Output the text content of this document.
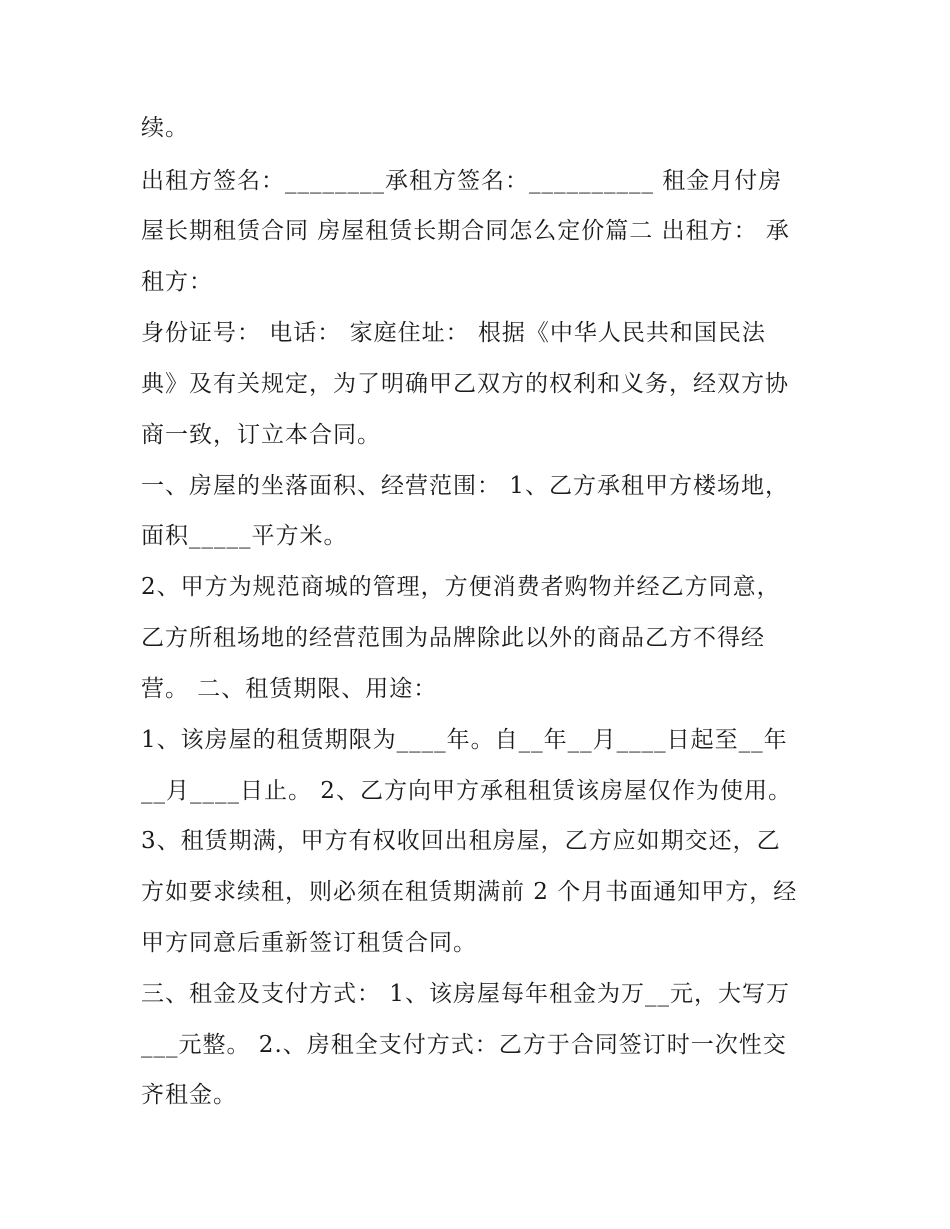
续。
出租方签名：________承租方签名：__________ 租金月付房
屋长期租赁合同 房屋租赁长期合同怎么定价篇二 出租方： 承
租方：
身份证号： 电话： 家庭住址： 根据《中华人民共和国民法
典》及有关规定，为了明确甲乙双方的权利和义务，经双方协
商一致，订立本合同。
一、房屋的坐落面积、经营范围： 1、乙方承租甲方楼场地，
面积_____平方米。
2、甲方为规范商城的管理，方便消费者购物并经乙方同意，
乙方所租场地的经营范围为品牌除此以外的商品乙方不得经
营。 二、租赁期限、用途：
1、该房屋的租赁期限为____年。自__年__月____日起至__年
__月____日止。 2、乙方向甲方承租租赁该房屋仅作为使用。
3、租赁期满，甲方有权收回出租房屋，乙方应如期交还，乙
方如要求续租，则必须在租赁期满前 2 个月书面通知甲方，经
甲方同意后重新签订租赁合同。
三、租金及支付方式： 1、该房屋每年租金为万__元，大写万
___元整。 2.、房租全支付方式：乙方于合同签订时一次性交
齐租金。
